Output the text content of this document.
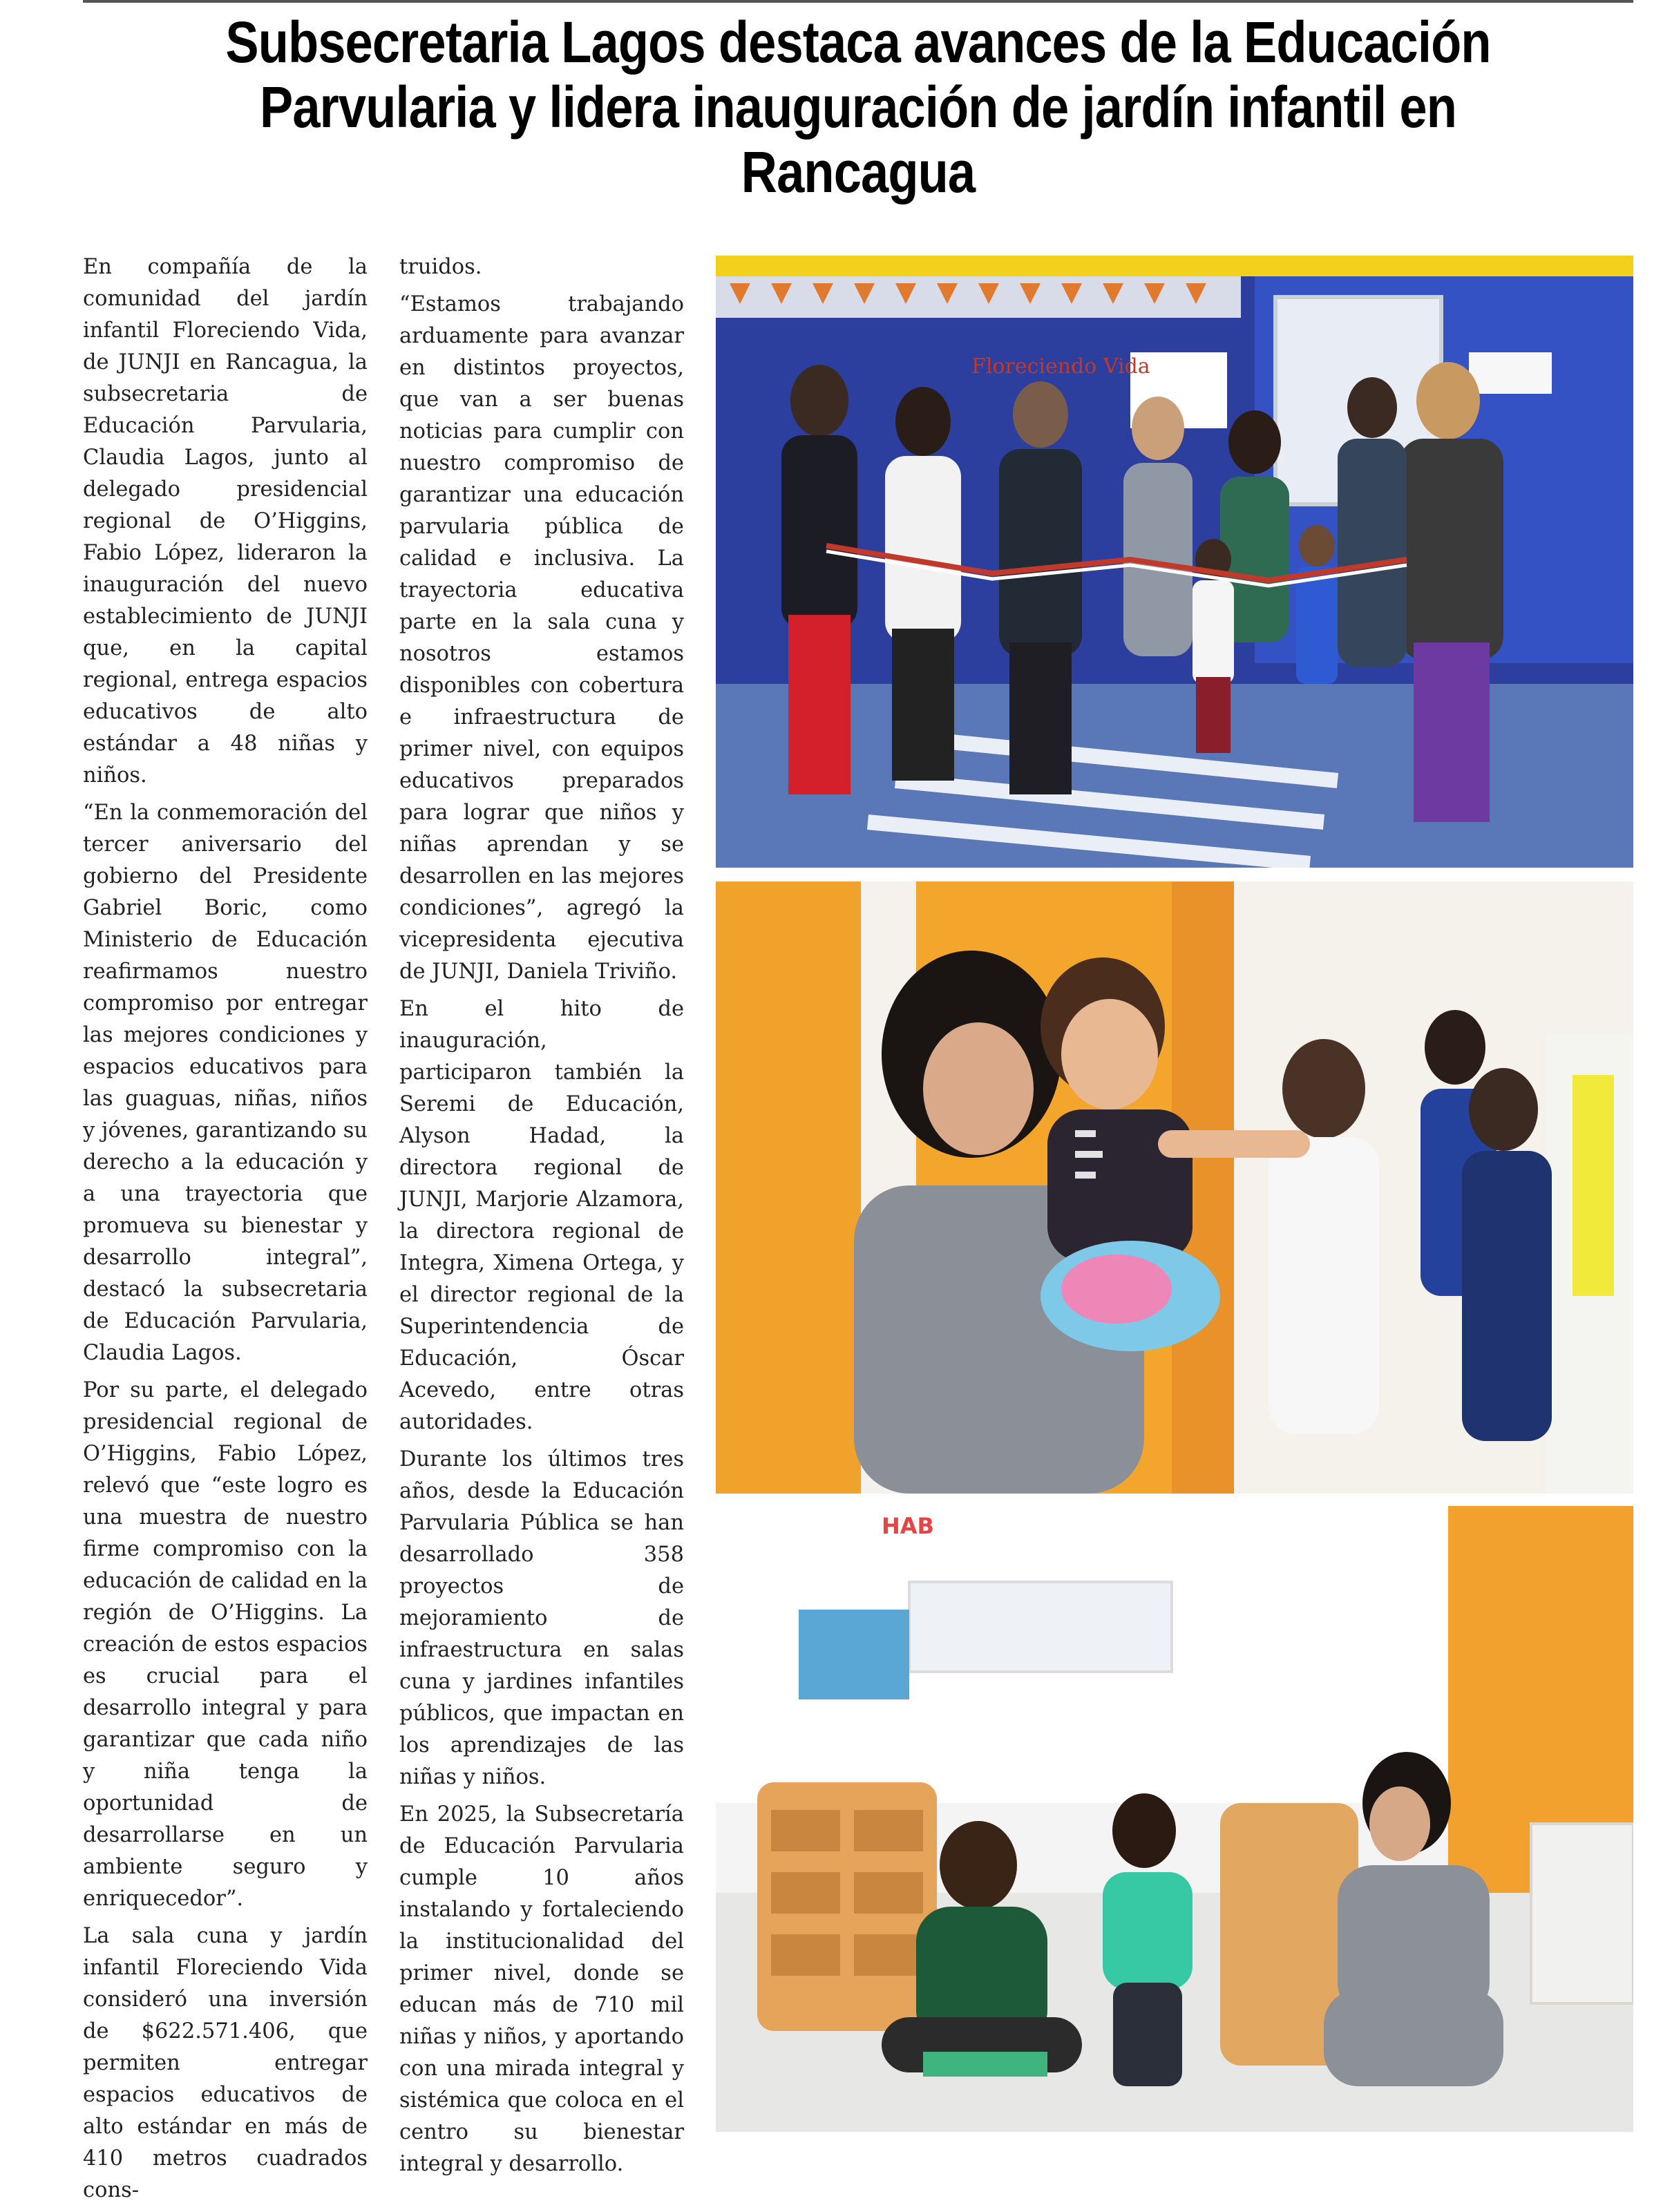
Subsecretaria Lagos destaca avances de la Educación Parvularia y lidera inauguración de jardín infantil en Rancagua

En compañía de la comunidad del jardín infantil Floreciendo Vida, de JUNJI en Rancagua, la subsecretaria de Educación Parvularia, Claudia Lagos, junto al delegado presidencial regional de O’Higgins, Fabio López, lideraron la inauguración del nuevo establecimiento de JUNJI que, en la capital regional, entrega espacios educativos de alto estándar a 48 niñas y niños.

“En la conmemoración del tercer aniversario del gobierno del Presidente Gabriel Boric, como Ministerio de Educación reafirmamos nuestro compromiso por entregar las mejores condiciones y espacios educativos para las guaguas, niñas, niños y jóvenes, garantizando su derecho a la educación y a una trayectoria que promueva su bienestar y desarrollo integral”, destacó la subsecretaria de Educación Parvularia, Claudia Lagos.

Por su parte, el delegado presidencial regional de O’Higgins, Fabio López, relevó que “este logro es una muestra de nuestro firme compromiso con la educación de calidad en la región de O’Higgins. La creación de estos espacios es crucial para el desarrollo integral y para garantizar que cada niño y niña tenga la oportunidad de desarrollarse en un ambiente seguro y enriquecedor”.

La sala cuna y jardín infantil Floreciendo Vida consideró una inversión de $622.571.406, que permiten entregar espacios educativos de alto estándar en más de 410 metros cuadrados cons-

truidos.

“Estamos trabajando arduamente para avanzar en distintos proyectos, que van a ser buenas noticias para cumplir con nuestro compromiso de garantizar una educación parvularia pública de calidad e inclusiva. La trayectoria educativa parte en la sala cuna y nosotros estamos disponibles con cobertura e infraestructura de primer nivel, con equipos educativos preparados para lograr que niños y niñas aprendan y se desarrollen en las mejores condiciones”, agregó la vicepresidenta ejecutiva de JUNJI, Daniela Triviño.

En el hito de inauguración, participaron también la Seremi de Educación, Alyson Hadad, la directora regional de JUNJI, Marjorie Alzamora, la directora regional de Integra, Ximena Ortega, y el director regional de la Superintendencia de Educación, Óscar Acevedo, entre otras autoridades.

Durante los últimos tres años, desde la Educación Parvularia Pública se han desarrollado 358 proyectos de mejoramiento de infraestructura en salas cuna y jardines infantiles públicos, que impactan en los aprendizajes de las niñas y niños.

En 2025, la Subsecretaría de Educación Parvularia cumple 10 años instalando y fortaleciendo la institucionalidad del primer nivel, donde se educan más de 710 mil niñas y niños, y aportando con una mirada integral y sistémica que coloca en el centro su bienestar integral y desarrollo.

Floreciendo Vida
HAB
